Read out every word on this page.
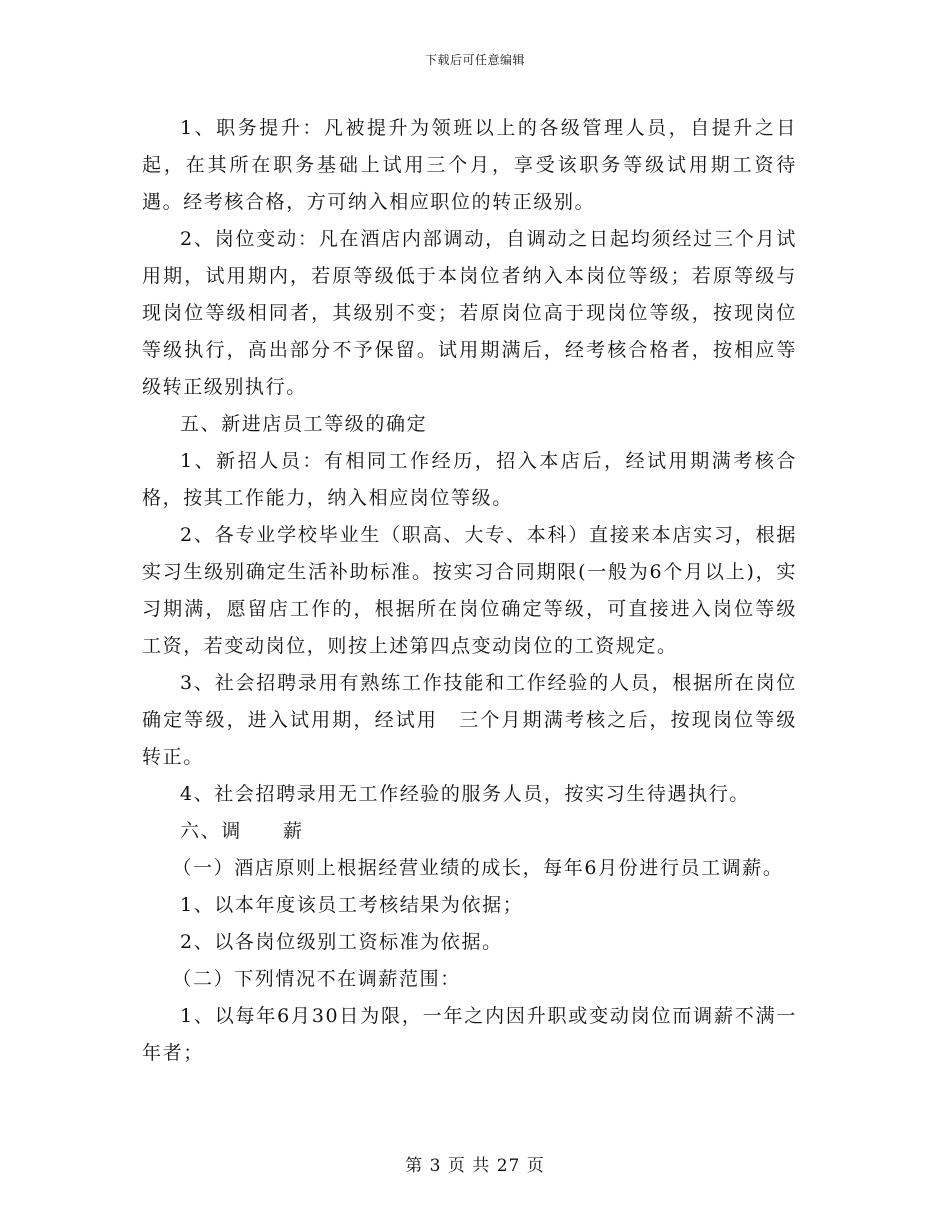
下载后可任意编辑

1、职务提升：凡被提升为领班以上的各级管理人员，自提升之日起，在其所在职务基础上试用三个月，享受该职务等级试用期工资待遇。经考核合格，方可纳入相应职位的转正级别。

2、岗位变动：凡在酒店内部调动，自调动之日起均须经过三个月试用期，试用期内，若原等级低于本岗位者纳入本岗位等级；若原等级与现岗位等级相同者，其级别不变；若原岗位高于现岗位等级，按现岗位等级执行，高出部分不予保留。试用期满后，经考核合格者，按相应等级转正级别执行。

五、新进店员工等级的确定

1、新招人员：有相同工作经历，招入本店后，经试用期满考核合格，按其工作能力，纳入相应岗位等级。

2、各专业学校毕业生（职高、大专、本科）直接来本店实习，根据实习生级别确定生活补助标准。按实习合同期限(一般为6个月以上)，实习期满，愿留店工作的，根据所在岗位确定等级，可直接进入岗位等级工资，若变动岗位，则按上述第四点变动岗位的工资规定。

3、社会招聘录用有熟练工作技能和工作经验的人员，根据所在岗位确定等级，进入试用期，经试用　三个月期满考核之后，按现岗位等级转正。

4、社会招聘录用无工作经验的服务人员，按实习生待遇执行。

六、调　　薪

（一）酒店原则上根据经营业绩的成长，每年6月份进行员工调薪。

1、以本年度该员工考核结果为依据；

2、以各岗位级别工资标准为依据。

（二）下列情况不在调薪范围：

1、以每年6月30日为限，一年之内因升职或变动岗位而调薪不满一年者；

第 3 页 共 27 页
